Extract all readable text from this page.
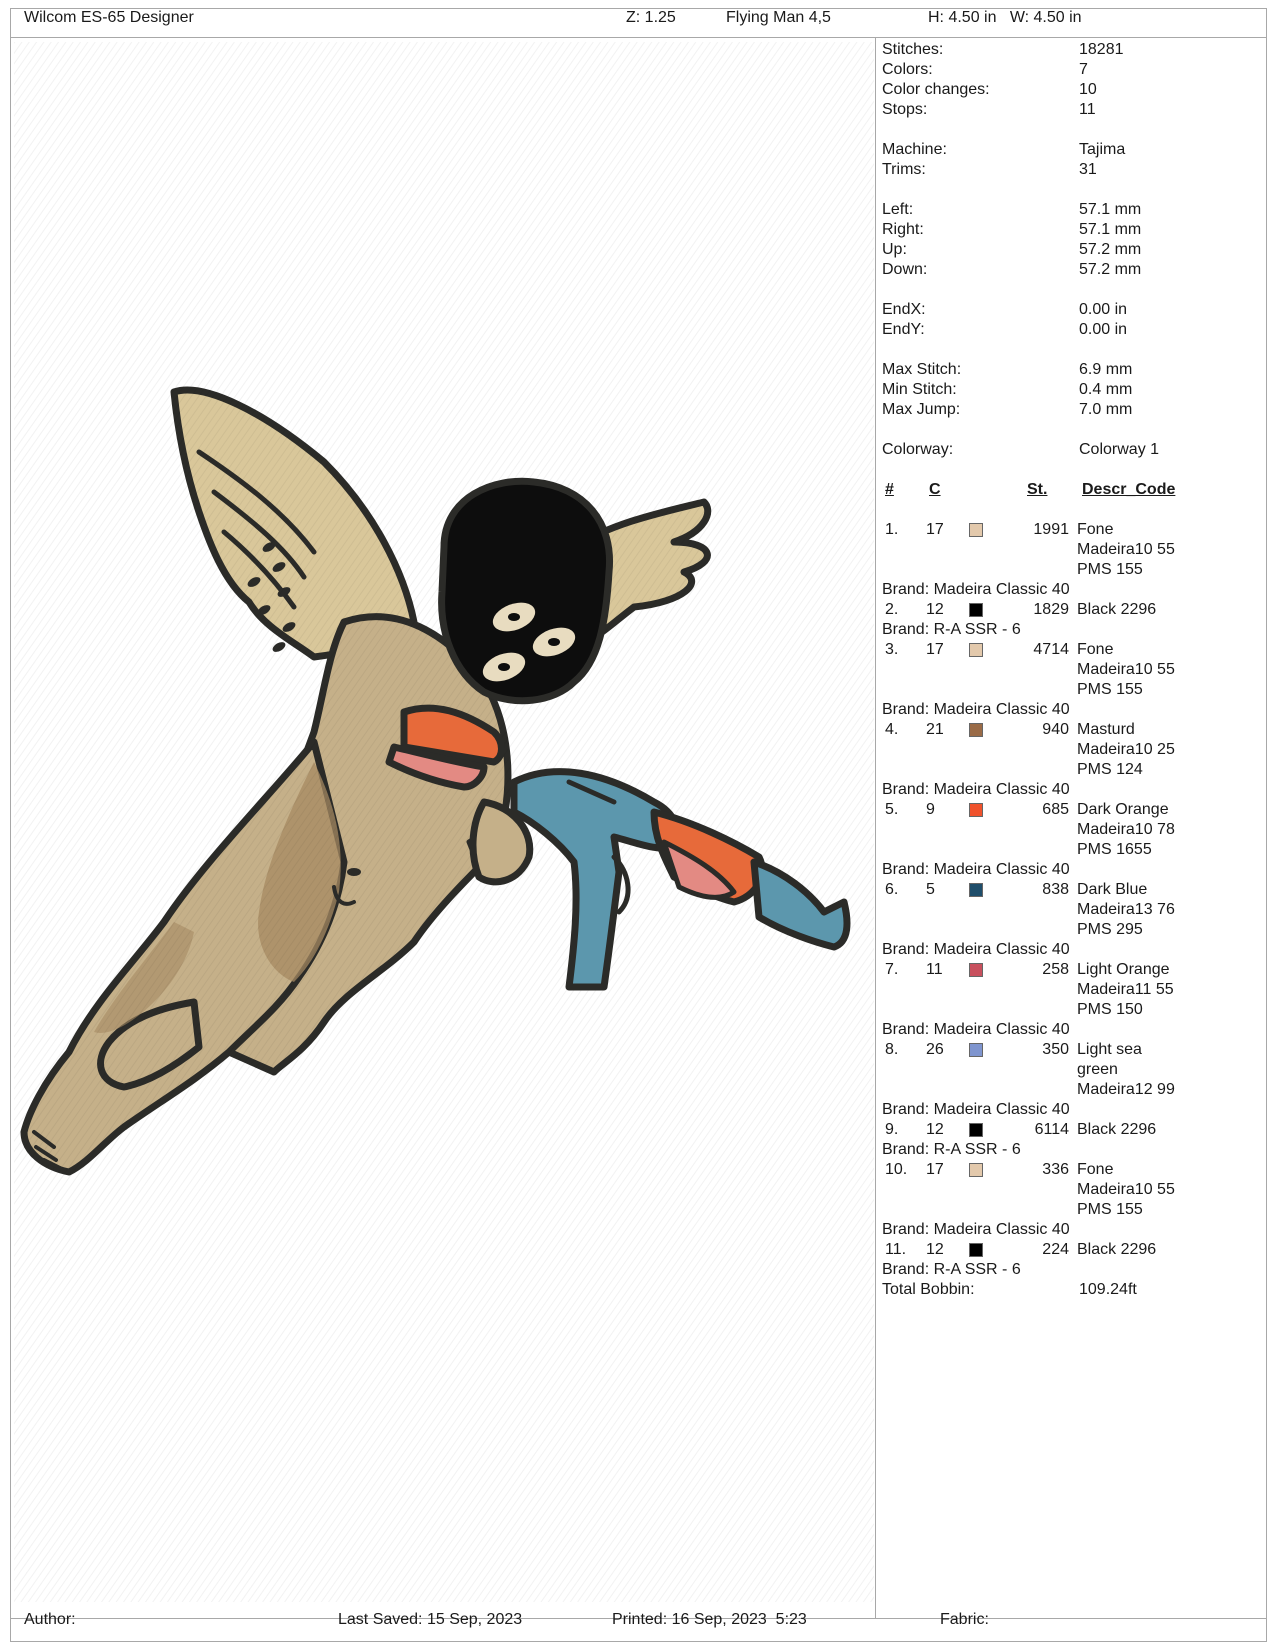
Wilcom ES-65 Designer	Z: 1.25	Flying Man 4,5	H: 4.50 in   W: 4.50 in
Stitches:	18281
Colors:	7
Color changes:	10
Stops:	11
Machine:	Tajima
Trims:	31
Left:	57.1 mm
Right:	57.1 mm
Up:	57.2 mm
Down:	57.2 mm
EndX:	0.00 in
EndY:	0.00 in
Max Stitch:	6.9 mm
Min Stitch:	0.4 mm
Max Jump:	7.0 mm
Colorway:	Colorway 1
# C	St. Descr_Code
1. 17	1991 Fone
Madeira10 55
PMS 155
Brand: Madeira Classic 40
2. 12	1829 Black 2296
Brand: R-A SSR - 6
3. 17	4714 Fone
Madeira10 55
PMS 155
Brand: Madeira Classic 40
4. 21	940 Masturd
Madeira10 25
PMS 124
Brand: Madeira Classic 40
5. 9	685 Dark Orange
Madeira10 78
PMS 1655
Brand: Madeira Classic 40
6. 5	838 Dark Blue
Madeira13 76
PMS 295
Brand: Madeira Classic 40
7. 11	258 Light Orange
Madeira11 55
PMS 150
Brand: Madeira Classic 40
8. 26	350 Light sea
green
Madeira12 99
Brand: Madeira Classic 40
9. 12	6114 Black 2296
Brand: R-A SSR - 6
10. 17	336 Fone
Madeira10 55
PMS 155
Brand: Madeira Classic 40
11. 12	224 Black 2296
Brand: R-A SSR - 6
Total Bobbin:	109.24ft
Author:	Last Saved: 15 Sep, 2023	Printed: 16 Sep, 2023  5:23	Fabric:
